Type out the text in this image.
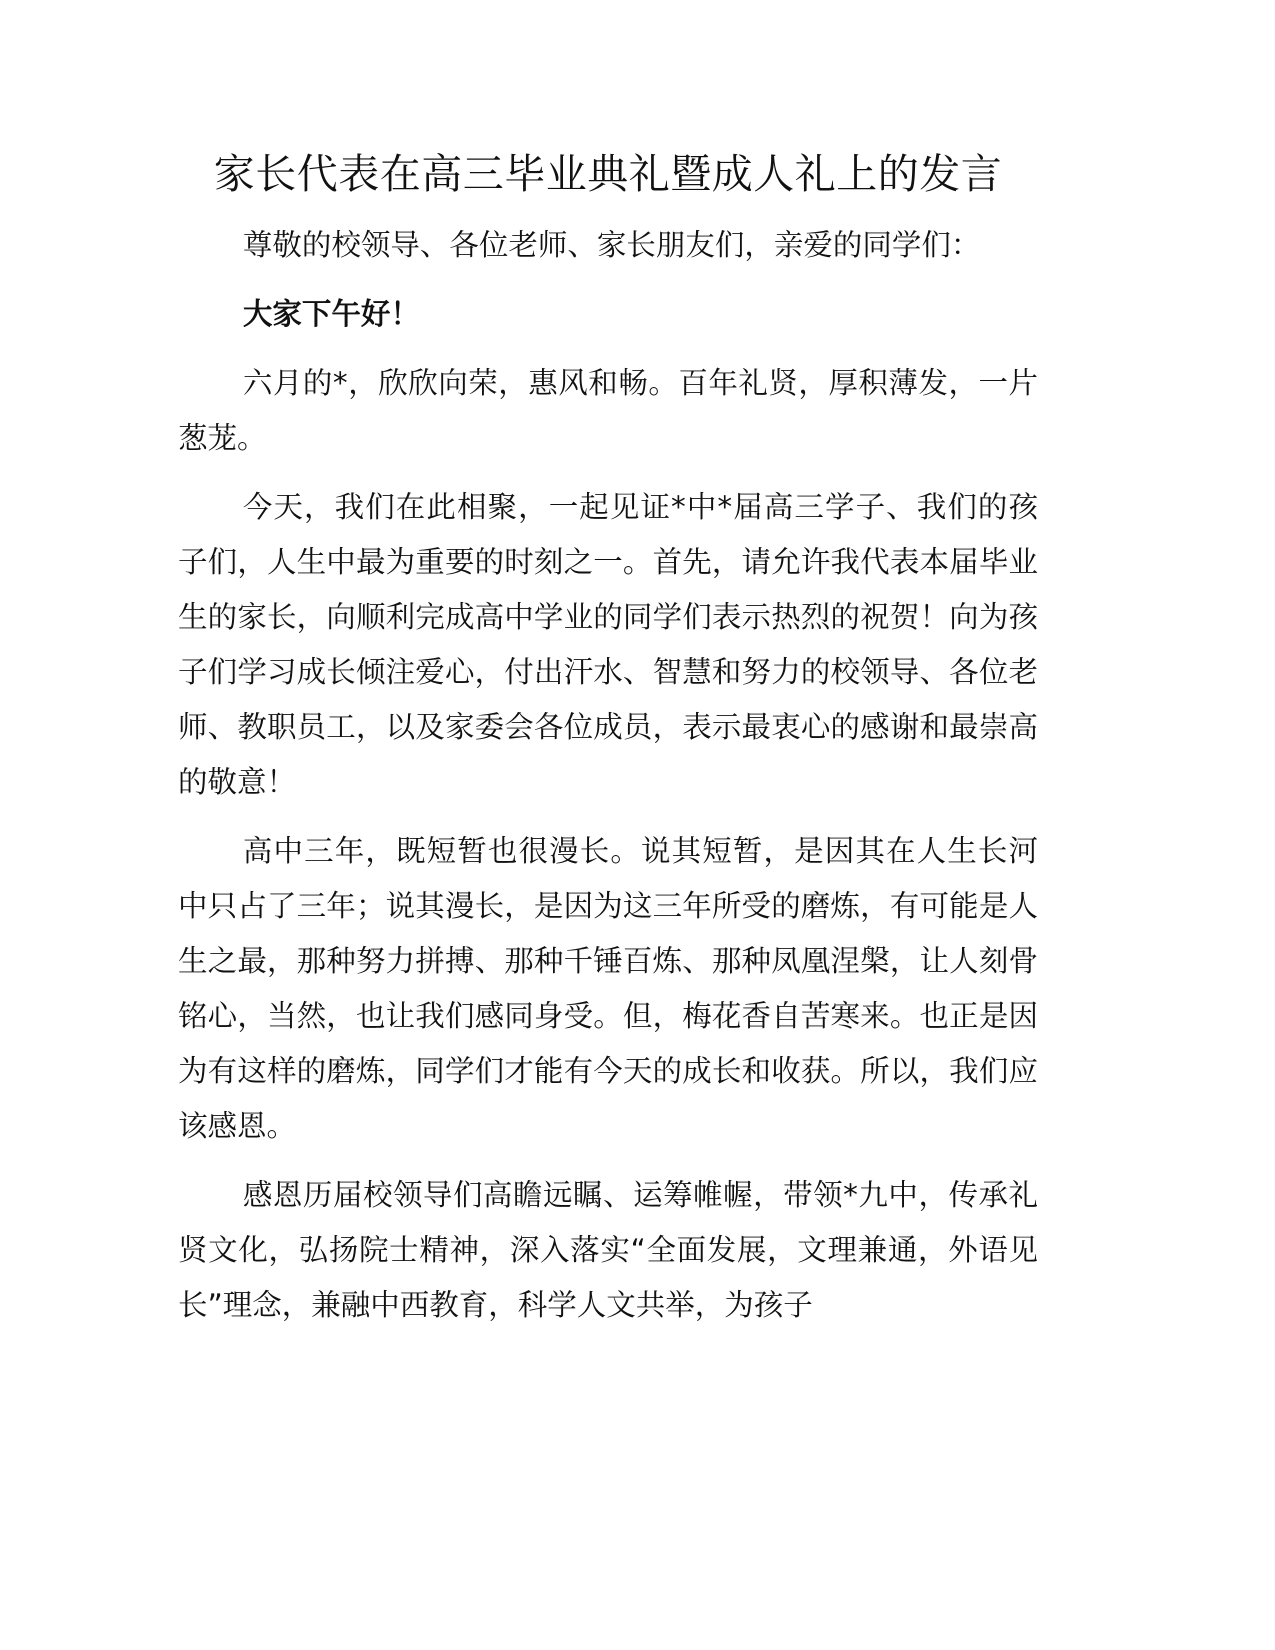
家长代表在高三毕业典礼暨成人礼上的发言

尊敬的校领导、各位老师、家长朋友们，亲爱的同学们：

大家下午好！

六月的*，欣欣向荣，惠风和畅。百年礼贤，厚积薄发，一片葱茏。

今天，我们在此相聚，一起见证*中*届高三学子、我们的孩子们，人生中最为重要的时刻之一。首先，请允许我代表本届毕业生的家长，向顺利完成高中学业的同学们表示热烈的祝贺！向为孩子们学习成长倾注爱心，付出汗水、智慧和努力的校领导、各位老师、教职员工，以及家委会各位成员，表示最衷心的感谢和最崇高的敬意！

高中三年，既短暂也很漫长。说其短暂，是因其在人生长河中只占了三年；说其漫长，是因为这三年所受的磨炼，有可能是人生之最，那种努力拼搏、那种千锤百炼、那种凤凰涅槃，让人刻骨铭心，当然，也让我们感同身受。但，梅花香自苦寒来。也正是因为有这样的磨炼，同学们才能有今天的成长和收获。所以，我们应该感恩。

感恩历届校领导们高瞻远瞩、运筹帷幄，带领*九中，传承礼贤文化，弘扬院士精神，深入落实“全面发展，文理兼通，外语见长”理念，兼融中西教育，科学人文共举，为孩子
